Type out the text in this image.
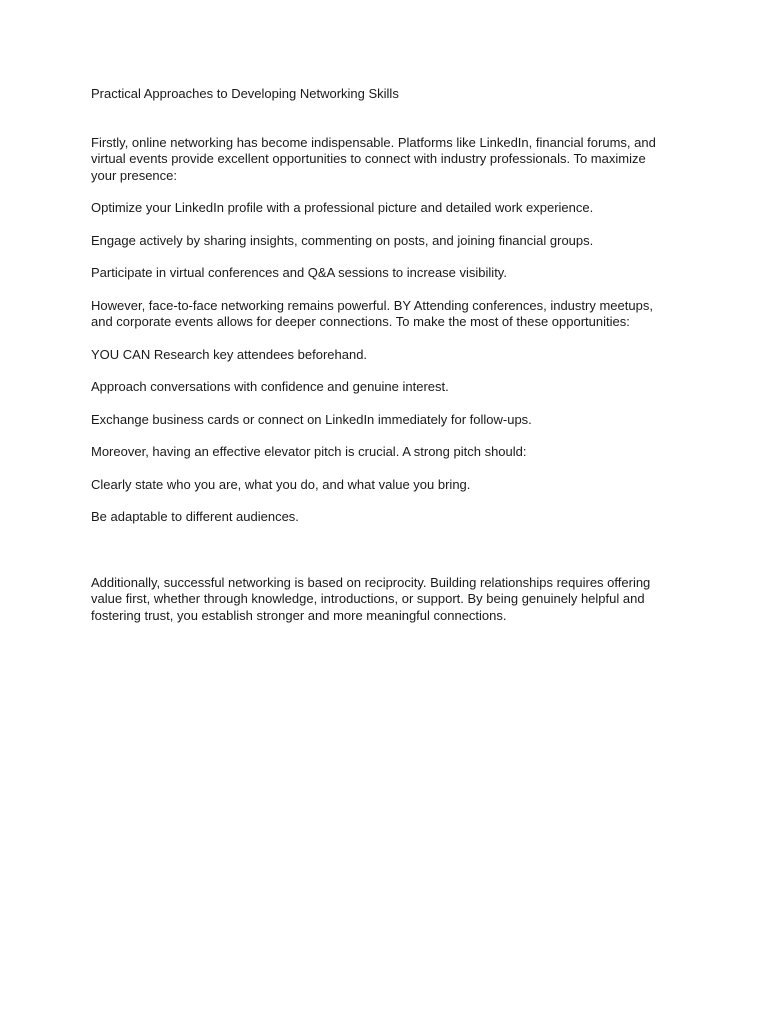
Practical Approaches to Developing Networking Skills

Firstly, online networking has become indispensable. Platforms like LinkedIn, financial forums, and virtual events provide excellent opportunities to connect with industry professionals. To maximize your presence:

Optimize your LinkedIn profile with a professional picture and detailed work experience.

Engage actively by sharing insights, commenting on posts, and joining financial groups.

Participate in virtual conferences and Q&A sessions to increase visibility.

However, face-to-face networking remains powerful. BY Attending conferences, industry meetups, and corporate events allows for deeper connections. To make the most of these opportunities:

YOU CAN Research key attendees beforehand.

Approach conversations with confidence and genuine interest.

Exchange business cards or connect on LinkedIn immediately for follow-ups.

Moreover, having an effective elevator pitch is crucial. A strong pitch should:

Clearly state who you are, what you do, and what value you bring.

Be adaptable to different audiences.

Additionally, successful networking is based on reciprocity. Building relationships requires offering value first, whether through knowledge, introductions, or support. By being genuinely helpful and fostering trust, you establish stronger and more meaningful connections.
